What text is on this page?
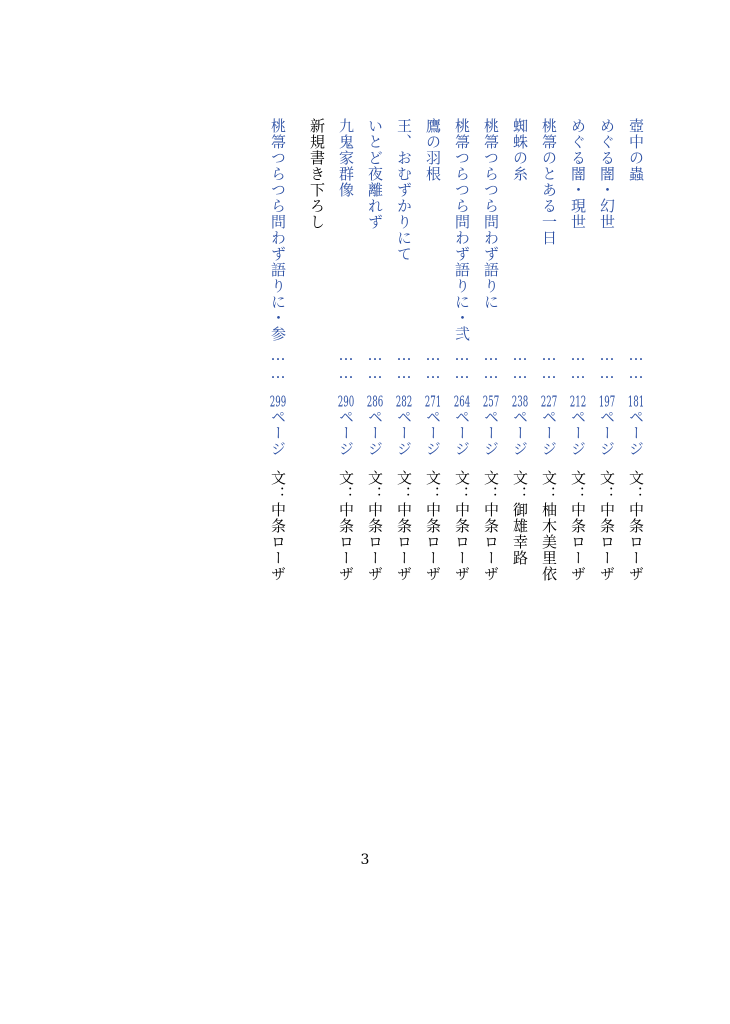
壺中の蟲
……
181ページ
文：中条ローザ
めぐる闇・幻世
……
197ページ
文：中条ローザ
めぐる闇・現世
……
212ページ
文：中条ローザ
桃箒のとある一日
……
227ページ
文：柚木美里依
蜘蛛の糸
……
238ページ
文：御雄幸路
桃箒つらつら問わず語りに
……
257ページ
文：中条ローザ
桃箒つらつら問わず語りに・弐
……
264ページ
文：中条ローザ
鷹の羽根
……
271ページ
文：中条ローザ
王、おむずかりにて
……
282ページ
文：中条ローザ
いとど夜離れず
……
286ページ
文：中条ローザ
九鬼家群像
……
290ページ
文：中条ローザ
新規書き下ろし
桃箒つらつら問わず語りに・参
……
299ページ
文：中条ローザ
3
